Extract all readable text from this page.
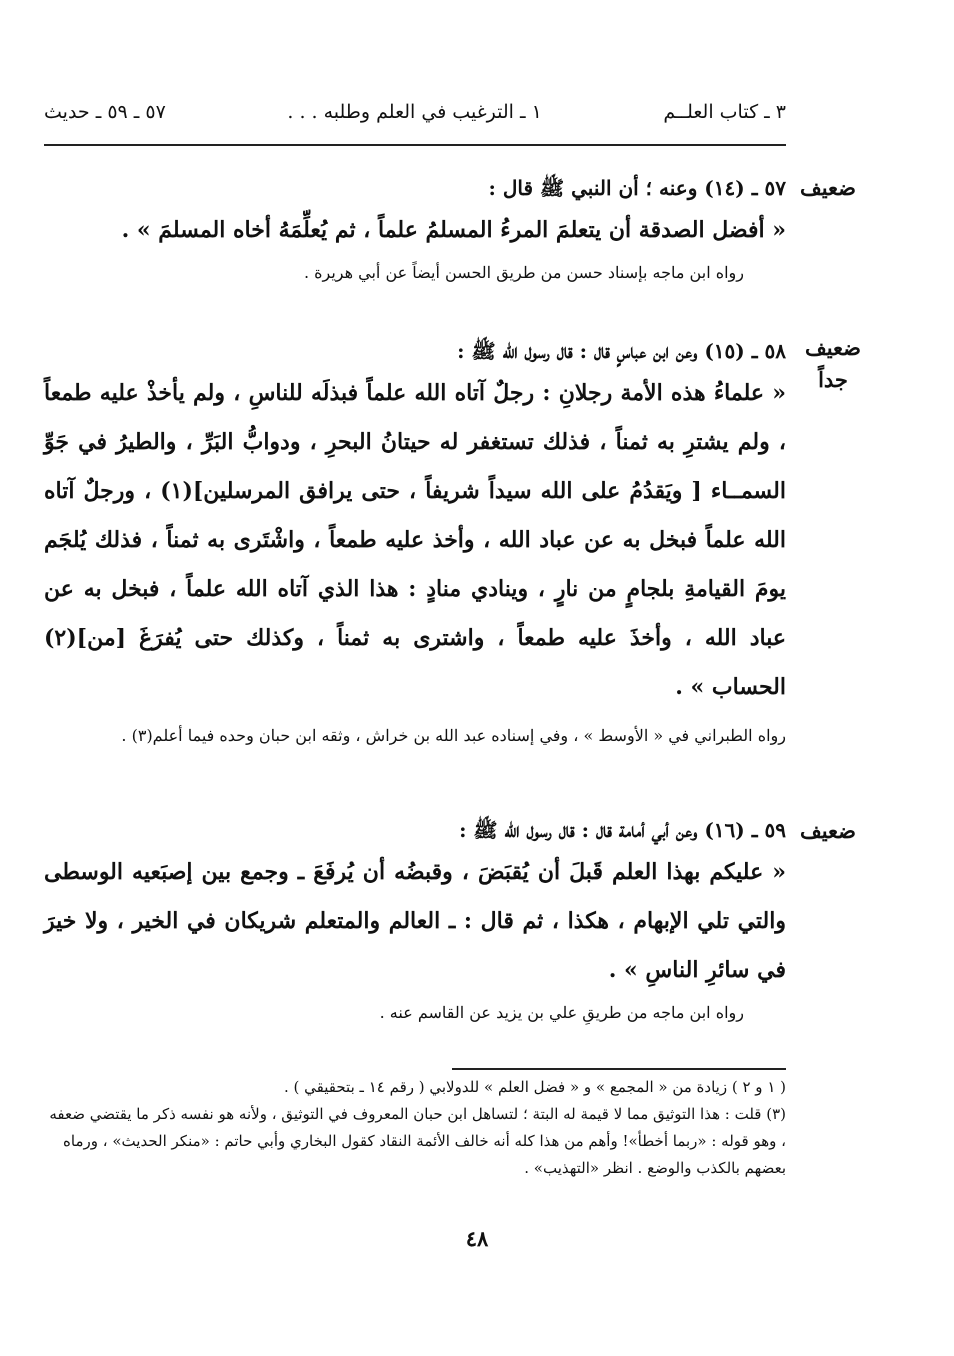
٣ ـ كتاب العلــم
١ ـ الترغيب في العلم وطلبه . . .
٥٧ ـ ٥٩ ـ حديث
ضعيف
٥٧ ـ (١٤) وعنه ؛ أن النبي ﷺ قال :
« أفضل الصدقة أن يتعلمَ المرءُ المسلمُ علماً ، ثم يُعلِّمَهُ أخاه المسلمَ » .
رواه ابن ماجه بإسناد حسن من طريق الحسن أيضاً عن أبي هريرة .
ضعيف جداً
٥٨ ـ (١٥) وعن ابن عباسٍ قال : قال رسول الله ﷺ :
« علماءُ هذه الأمة رجلانِ : رجلٌ آتاه الله علماً فبذلَه للناسِ ، ولم يأخذْ عليه طمعاً ، ولم يشترِ به ثمناً ، فذلك تستغفر له حيتانُ البحرِ ، ودوابُّ البَرِّ ، والطيرُ في جَوِّ السمــاء [ ويَقدُمُ على الله سيداً شريفاً ، حتى يرافق المرسلين](١) ، ورجلٌ آتاه الله علماً فبخل به عن عباد الله ، وأخذ عليه طمعاً ، واشْتَرى به ثمناً ، فذلك يُلجَم يومَ القيامةِ بلجامٍ من نارٍ ، وينادي منادٍ : هذا الذي آتاه الله علماً ، فبخل به عن عباد الله ، وأخذَ عليه طمعاً ، واشترى به ثمناً ، وكذلك حتى يُفرَغَ [من](٢) الحساب » .
رواه الطبراني في « الأوسط » ، وفي إسناده عبد الله بن خراش ، وثقه ابن حبان وحده فيما أعلم(٣) .
ضعيف
٥٩ ـ (١٦) وعن أبي أمامة قال : قال رسول الله ﷺ :
« عليكم بهذا العلم قَبلَ أن يُقبَضَ ، وقبضُه أن يُرفَعَ ـ وجمع بين إصبَعيه الوسطى والتي تلي الإبهام ، هكذا ، ثم قال : ـ العالم والمتعلم شريكان في الخير ، ولا خيرَ في سائرِ الناسِ » .
رواه ابن ماجه من طريقِ علي بن يزيد عن القاسم عنه .

( ١ و ٢ ) زيادة من « المجمع » و « فضل العلم » للدولابي ( رقم ١٤ ـ بتحقيقي ) .

(٣) قلت : هذا التوثيق مما لا قيمة له البتة ؛ لتساهل ابن حبان المعروف في التوثيق ، ولأنه هو نفسه ذكر ما يقتضي ضعفه ، وهو قوله : «ربما أخطأ»! وأهم من هذا كله أنه خالف الأئمة النقاد كقول البخاري وأبي حاتم : «منكر الحديث» ، ورماه بعضهم بالكذب والوضع . انظر «التهذيب» .

٤٨
